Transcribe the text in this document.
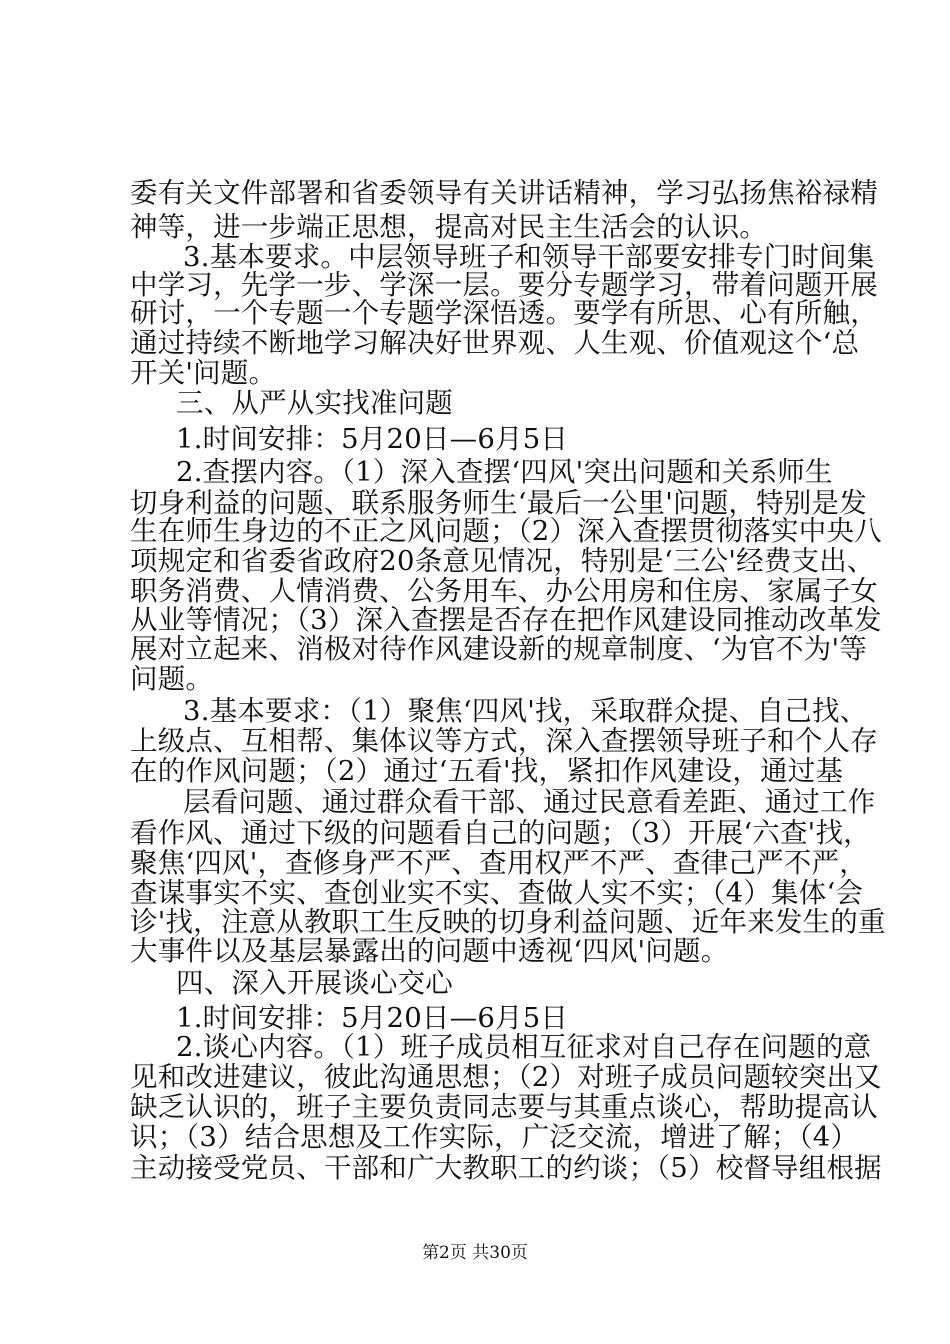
委有关文件部署和省委领导有关讲话精神，学习弘扬焦裕禄精
神等，进一步端正思想，提高对民主生活会的认识。
3.基本要求。中层领导班子和领导干部要安排专门时间集
中学习，先学一步、学深一层。要分专题学习，带着问题开展
研讨，一个专题一个专题学深悟透。要学有所思、心有所触，
通过持续不断地学习解决好世界观、人生观、价值观这个‘总
开关'问题。
三、从严从实找准问题
1.时间安排：5月20日—6月5日
2.查摆内容。（1）深入查摆‘四风'突出问题和关系师生
切身利益的问题、联系服务师生‘最后一公里'问题，特别是发
生在师生身边的不正之风问题；（2）深入查摆贯彻落实中央八
项规定和省委省政府20条意见情况，特别是‘三公'经费支出、
职务消费、人情消费、公务用车、办公用房和住房、家属子女
从业等情况；（3）深入查摆是否存在把作风建设同推动改革发
展对立起来、消极对待作风建设新的规章制度、‘为官不为'等
问题。
3.基本要求：（1）聚焦‘四风'找，采取群众提、自己找、
上级点、互相帮、集体议等方式，深入查摆领导班子和个人存
在的作风问题；（2）通过‘五看'找，紧扣作风建设，通过基
层看问题、通过群众看干部、通过民意看差距、通过工作
看作风、通过下级的问题看自己的问题；（3）开展‘六查'找，
聚焦‘四风'，查修身严不严、查用权严不严、查律己严不严，
查谋事实不实、查创业实不实、查做人实不实；（4）集体‘会
诊'找，注意从教职工生反映的切身利益问题、近年来发生的重
大事件以及基层暴露出的问题中透视‘四风'问题。
四、深入开展谈心交心
1.时间安排：5月20日—6月5日
2.谈心内容。（1）班子成员相互征求对自己存在问题的意
见和改进建议，彼此沟通思想；（2）对班子成员问题较突出又
缺乏认识的，班子主要负责同志要与其重点谈心，帮助提高认
识；（3）结合思想及工作实际，广泛交流，增进了解；（4）
主动接受党员、干部和广大教职工的约谈；（5）校督导组根据
第2页 共30页
